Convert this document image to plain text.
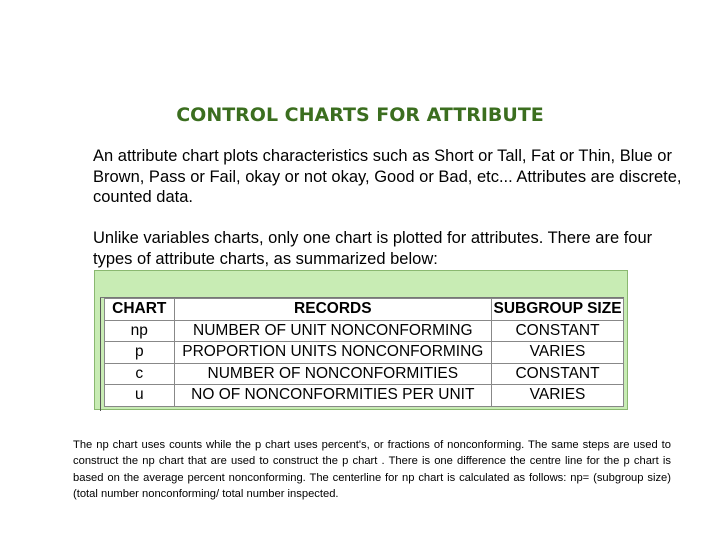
CONTROL CHARTS FOR ATTRIBUTE
An attribute chart plots characteristics such as Short or Tall, Fat or Thin, Blue or Brown, Pass or Fail, okay or not okay, Good or Bad, etc... Attributes are discrete, counted data.
Unlike variables charts, only one chart is plotted for attributes. There are four types of attribute charts, as summarized below:
CHART	RECORDS	SUBGROUP SIZE
np	NUMBER OF UNIT NONCONFORMING	CONSTANT
p	PROPORTION UNITS NONCONFORMING	VARIES
c	NUMBER OF NONCONFORMITIES	CONSTANT
u	NO OF NONCONFORMITIES PER UNIT	VARIES
The np chart uses counts while the p chart uses percent's, or fractions of nonconforming. The same steps are used to construct the np chart that are used to construct the p chart . There is one difference the centre line for the p chart is based on the average percent nonconforming. The centerline for np chart is calculated as follows: np= (subgroup size) (total number nonconforming/ total number inspected.
